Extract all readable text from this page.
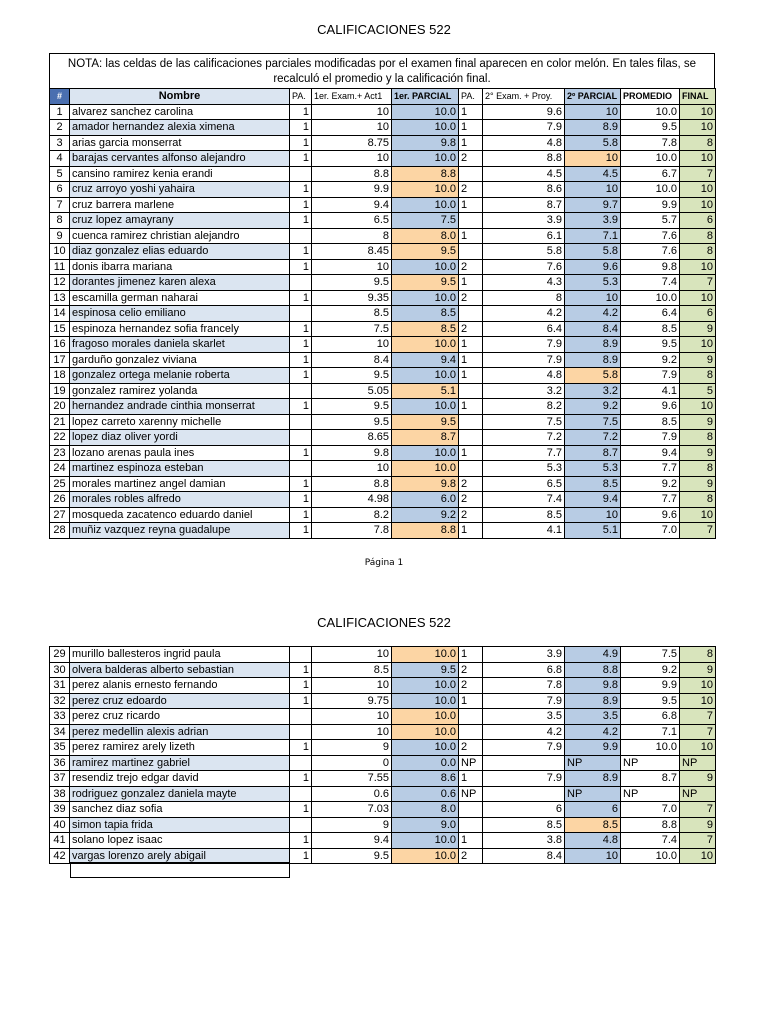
CALIFICACIONES 522
NOTA: las celdas de las calificaciones parciales modificadas por el examen final aparecen en color melón. En tales filas, se recalculó el promedio y la calificación final.
#	Nombre	PA.	1er. Exam.+ Act1	1er. PARCIAL	PA.	2° Exam. + Proy.	2º PARCIAL	PROMEDIO	FINAL
1	alvarez sanchez carolina	1	10	10.0	1	9.6	10	10.0	10
2	amador hernandez alexia ximena	1	10	10.0	1	7.9	8.9	9.5	10
3	arias garcia monserrat	1	8.75	9.8	1	4.8	5.8	7.8	8
4	barajas cervantes alfonso alejandro	1	10	10.0	2	8.8	10	10.0	10
5	cansino ramirez kenia erandi		8.8	8.8		4.5	4.5	6.7	7
6	cruz arroyo yoshi yahaira	1	9.9	10.0	2	8.6	10	10.0	10
7	cruz barrera marlene	1	9.4	10.0	1	8.7	9.7	9.9	10
8	cruz lopez amayrany	1	6.5	7.5		3.9	3.9	5.7	6
9	cuenca ramirez christian alejandro		8	8.0	1	6.1	7.1	7.6	8
10	diaz gonzalez elias eduardo	1	8.45	9.5		5.8	5.8	7.6	8
11	donis ibarra mariana	1	10	10.0	2	7.6	9.6	9.8	10
12	dorantes jimenez karen alexa		9.5	9.5	1	4.3	5.3	7.4	7
13	escamilla german naharai	1	9.35	10.0	2	8	10	10.0	10
14	espinosa celio emiliano		8.5	8.5		4.2	4.2	6.4	6
15	espinoza hernandez sofia francely	1	7.5	8.5	2	6.4	8.4	8.5	9
16	fragoso morales daniela skarlet	1	10	10.0	1	7.9	8.9	9.5	10
17	garduño gonzalez viviana	1	8.4	9.4	1	7.9	8.9	9.2	9
18	gonzalez ortega melanie roberta	1	9.5	10.0	1	4.8	5.8	7.9	8
19	gonzalez ramirez yolanda		5.05	5.1		3.2	3.2	4.1	5
20	hernandez andrade cinthia monserrat	1	9.5	10.0	1	8.2	9.2	9.6	10
21	lopez carreto xarenny michelle		9.5	9.5		7.5	7.5	8.5	9
22	lopez diaz oliver yordi		8.65	8.7		7.2	7.2	7.9	8
23	lozano arenas paula ines	1	9.8	10.0	1	7.7	8.7	9.4	9
24	martinez espinoza esteban		10	10.0		5.3	5.3	7.7	8
25	morales martinez angel damian	1	8.8	9.8	2	6.5	8.5	9.2	9
26	morales robles alfredo	1	4.98	6.0	2	7.4	9.4	7.7	8
27	mosqueda zacatenco eduardo daniel	1	8.2	9.2	2	8.5	10	9.6	10
28	muñiz vazquez reyna guadalupe	1	7.8	8.8	1	4.1	5.1	7.0	7
Página 1
CALIFICACIONES 522
29	murillo ballesteros ingrid paula		10	10.0	1	3.9	4.9	7.5	8
30	olvera balderas alberto sebastian	1	8.5	9.5	2	6.8	8.8	9.2	9
31	perez alanis ernesto fernando	1	10	10.0	2	7.8	9.8	9.9	10
32	perez cruz edoardo	1	9.75	10.0	1	7.9	8.9	9.5	10
33	perez cruz ricardo		10	10.0		3.5	3.5	6.8	7
34	perez medellin alexis adrian		10	10.0		4.2	4.2	7.1	7
35	perez ramirez arely lizeth	1	9	10.0	2	7.9	9.9	10.0	10
36	ramirez martinez gabriel		0	0.0	NP		NP	NP	NP
37	resendiz trejo edgar david	1	7.55	8.6	1	7.9	8.9	8.7	9
38	rodriguez gonzalez daniela mayte		0.6	0.6	NP		NP	NP	NP
39	sanchez diaz sofia	1	7.03	8.0		6	6	7.0	7
40	simon tapia frida		9	9.0		8.5	8.5	8.8	9
41	solano lopez isaac	1	9.4	10.0	1	3.8	4.8	7.4	7
42	vargas lorenzo arely abigail	1	9.5	10.0	2	8.4	10	10.0	10
